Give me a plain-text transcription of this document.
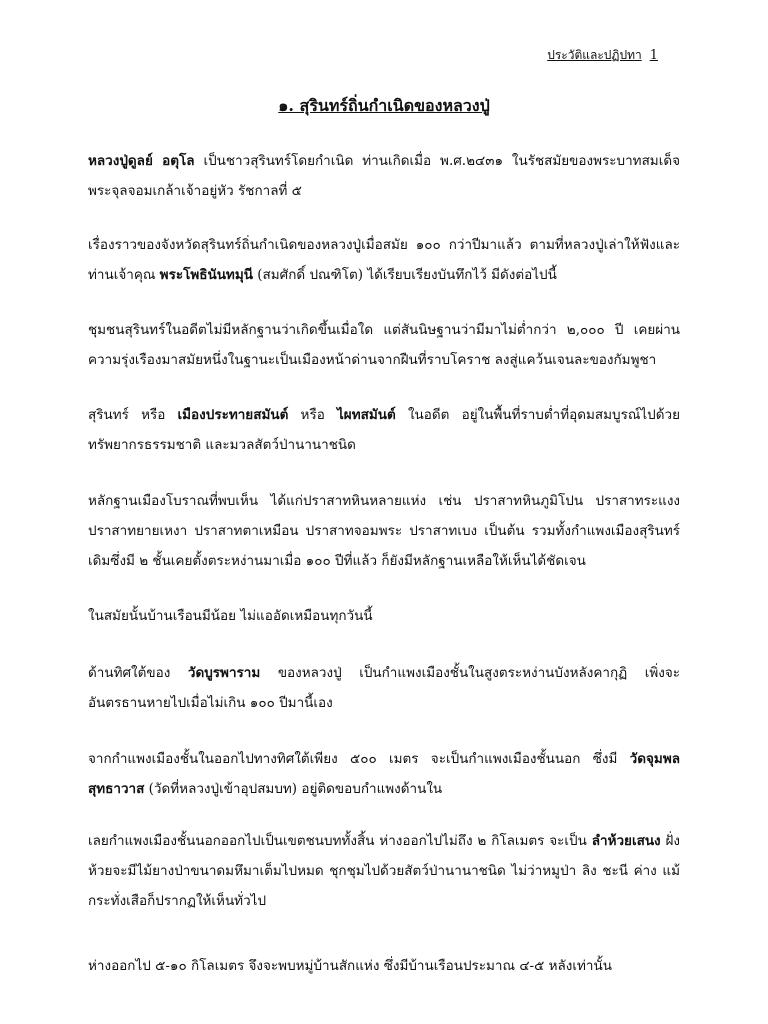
ประวัติและปฏิปทา 1
๑. สุรินทร์ถิ่นกำเนิดของหลวงปู่

หลวงปู่ดูลย์ อตุโล เป็นชาวสุรินทร์โดยกำเนิด ท่านเกิดเมื่อ พ.ศ.๒๔๓๑ ในรัชสมัยของพระบาทสมเด็จพระจุลจอมเกล้าเจ้าอยู่หัว รัชกาลที่ ๕

เรื่องราวของจังหวัดสุรินทร์ถิ่นกำเนิดของหลวงปู่เมื่อสมัย ๑๐๐ กว่าปีมาแล้ว ตามที่หลวงปู่เล่าให้ฟังและท่านเจ้าคุณ พระโพธินันทมุนี (สมศักดิ์ ปณฑิโต) ได้เรียบเรียงบันทึกไว้ มีดังต่อไปนี้

ชุมชนสุรินทร์ในอดีตไม่มีหลักฐานว่าเกิดขึ้นเมื่อใด แต่สันนิษฐานว่ามีมาไม่ต่ำกว่า ๒,๐๐๐ ปี เคยผ่านความรุ่งเรืองมาสมัยหนึ่งในฐานะเป็นเมืองหน้าด่านจากฝืนที่ราบโคราช ลงสู่แคว้นเจนละของกัมพูชา

สุรินทร์ หรือ เมืองประทายสมันต์ หรือ ไผทสมันต์ ในอดีต อยู่ในพื้นที่ราบต่ำที่อุดมสมบูรณ์ไปด้วยทรัพยากรธรรมชาติ และมวลสัตว์ป่านานาชนิด

หลักฐานเมืองโบราณที่พบเห็น ได้แก่ปราสาทหินหลายแห่ง เช่น ปราสาทหินภูมิโปน ปราสาทระแงง ปราสาทยายเหงา ปราสาทตาเหมือน ปราสาทจอมพระ ปราสาทเบง เป็นต้น รวมทั้งกำแพงเมืองสุรินทร์เดิมซึ่งมี ๒ ชั้นเคยตั้งตระหง่านมาเมื่อ ๑๐๐ ปีที่แล้ว ก็ยังมีหลักฐานเหลือให้เห็นได้ชัดเจน

ในสมัยนั้นบ้านเรือนมีน้อย ไม่แออัดเหมือนทุกวันนี้

ด้านทิศใต้ของ วัดบูรพาราม ของหลวงปู่ เป็นกำแพงเมืองชั้นในสูงตระหง่านบังหลังคากุฏิ เพิ่งจะอันตรธานหายไปเมื่อไม่เกิน ๑๐๐ ปีมานี้เอง

จากกำแพงเมืองชั้นในออกไปทางทิศใต้เพียง ๕๐๐ เมตร จะเป็นกำแพงเมืองชั้นนอก ซึ่งมี วัดจุมพลสุทธาวาส (วัดที่หลวงปู่เข้าอุปสมบท) อยู่ติดขอบกำแพงด้านใน

เลยกำแพงเมืองชั้นนอกออกไปเป็นเขตชนบททั้งสิ้น ห่างออกไปไม่ถึง ๒ กิโลเมตร จะเป็น ลำห้วยเสนง ฝั่งห้วยจะมีไม้ยางป่าขนาดมหึมาเต็มไปหมด ชุกชุมไปด้วยสัตว์ป่านานาชนิด ไม่ว่าหมูป่า ลิง ชะนี ค่าง แม้กระทั่งเสือก็ปรากฏให้เห็นทั่วไป

ห่างออกไป ๕-๑๐ กิโลเมตร จึงจะพบหมู่บ้านสักแห่ง ซึ่งมีบ้านเรือนประมาณ ๔-๕ หลังเท่านั้น
